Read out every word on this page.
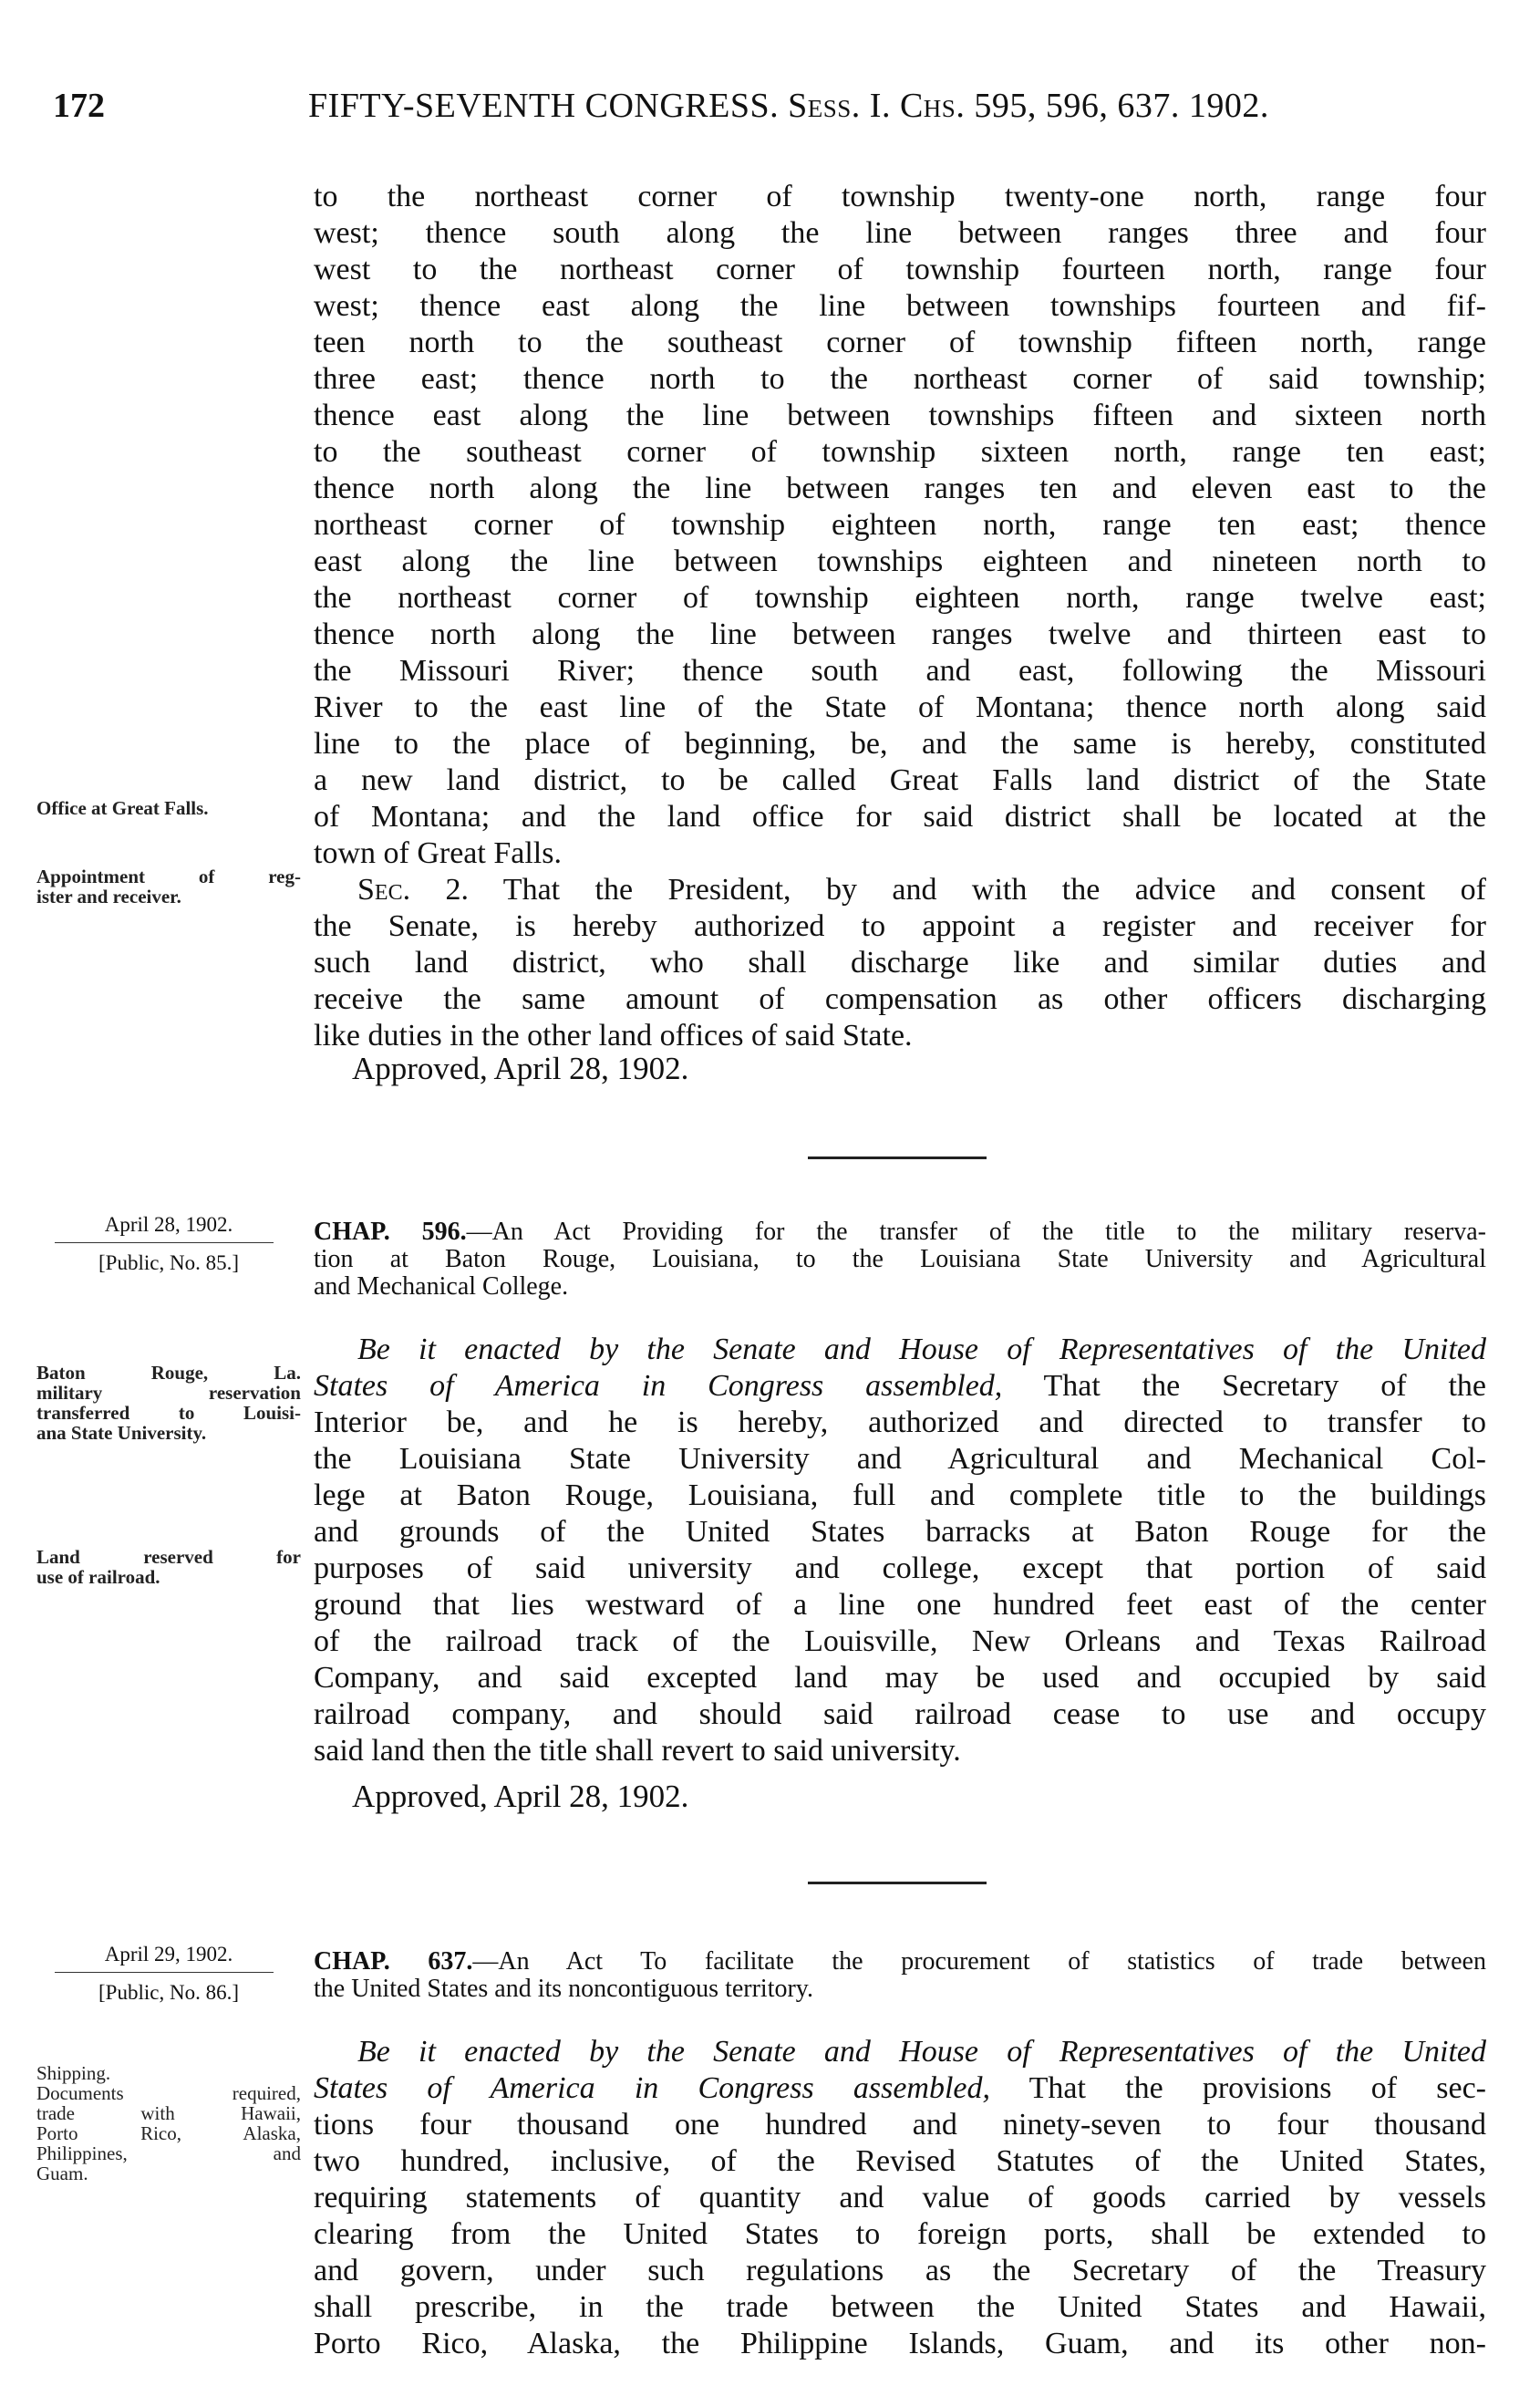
172	FIFTY-SEVENTH CONGRESS. Sess. I. Chs. 595, 596, 637. 1902.
to the northeast corner of township twenty-one north, range four
west; thence south along the line between ranges three and four
west to the northeast corner of township fourteen north, range four
west; thence east along the line between townships fourteen and fif-
teen north to the southeast corner of township fifteen north, range
three east; thence north to the northeast corner of said township;
thence east along the line between townships fifteen and sixteen north
to the southeast corner of township sixteen north, range ten east;
thence north along the line between ranges ten and eleven east to the
northeast corner of township eighteen north, range ten east; thence
east along the line between townships eighteen and nineteen north to
the northeast corner of township eighteen north, range twelve east;
thence north along the line between ranges twelve and thirteen east to
the Missouri River; thence south and east, following the Missouri
River to the east line of the State of Montana; thence north along said
line to the place of beginning, be, and the same is hereby, constituted
a new land district, to be called Great Falls land district of the State
of Montana; and the land office for said district shall be located at the
town of Great Falls.
Sec. 2. That the President, by and with the advice and consent of
the Senate, is hereby authorized to appoint a register and receiver for
such land district, who shall discharge like and similar duties and
receive the same amount of compensation as other officers discharging
like duties in the other land offices of said State.
Approved, April 28, 1902.
Office at Great Falls.
Appointment of reg-
ister and receiver.
April 28, 1902.
[Public, No. 85.]
CHAP. 596.—An Act Providing for the transfer of the title to the military reserva-
tion at Baton Rouge, Louisiana, to the Louisiana State University and Agricultural
and Mechanical College.
Be it enacted by the Senate and House of Representatives of the United
States of America in Congress assembled, That the Secretary of the
Interior be, and he is hereby, authorized and directed to transfer to
the Louisiana State University and Agricultural and Mechanical Col-
lege at Baton Rouge, Louisiana, full and complete title to the buildings
and grounds of the United States barracks at Baton Rouge for the
purposes of said university and college, except that portion of said
ground that lies westward of a line one hundred feet east of the center
of the railroad track of the Louisville, New Orleans and Texas Railroad
Company, and said excepted land may be used and occupied by said
railroad company, and should said railroad cease to use and occupy
said land then the title shall revert to said university.
Approved, April 28, 1902.
Baton Rouge, La.
military reservation
transferred to Louisi-
ana State University.
Land reserved for
use of railroad.
April 29, 1902.
[Public, No. 86.]
CHAP. 637.—An Act To facilitate the procurement of statistics of trade between
the United States and its noncontiguous territory.
Be it enacted by the Senate and House of Representatives of the United
States of America in Congress assembled, That the provisions of sec-
tions four thousand one hundred and ninety-seven to four thousand
two hundred, inclusive, of the Revised Statutes of the United States,
requiring statements of quantity and value of goods carried by vessels
clearing from the United States to foreign ports, shall be extended to
and govern, under such regulations as the Secretary of the Treasury
shall prescribe, in the trade between the United States and Hawaii,
Porto Rico, Alaska, the Philippine Islands, Guam, and its other non-
Shipping.
Documents required,
trade with Hawaii,
Porto Rico, Alaska,
Philippines, and
Guam.
